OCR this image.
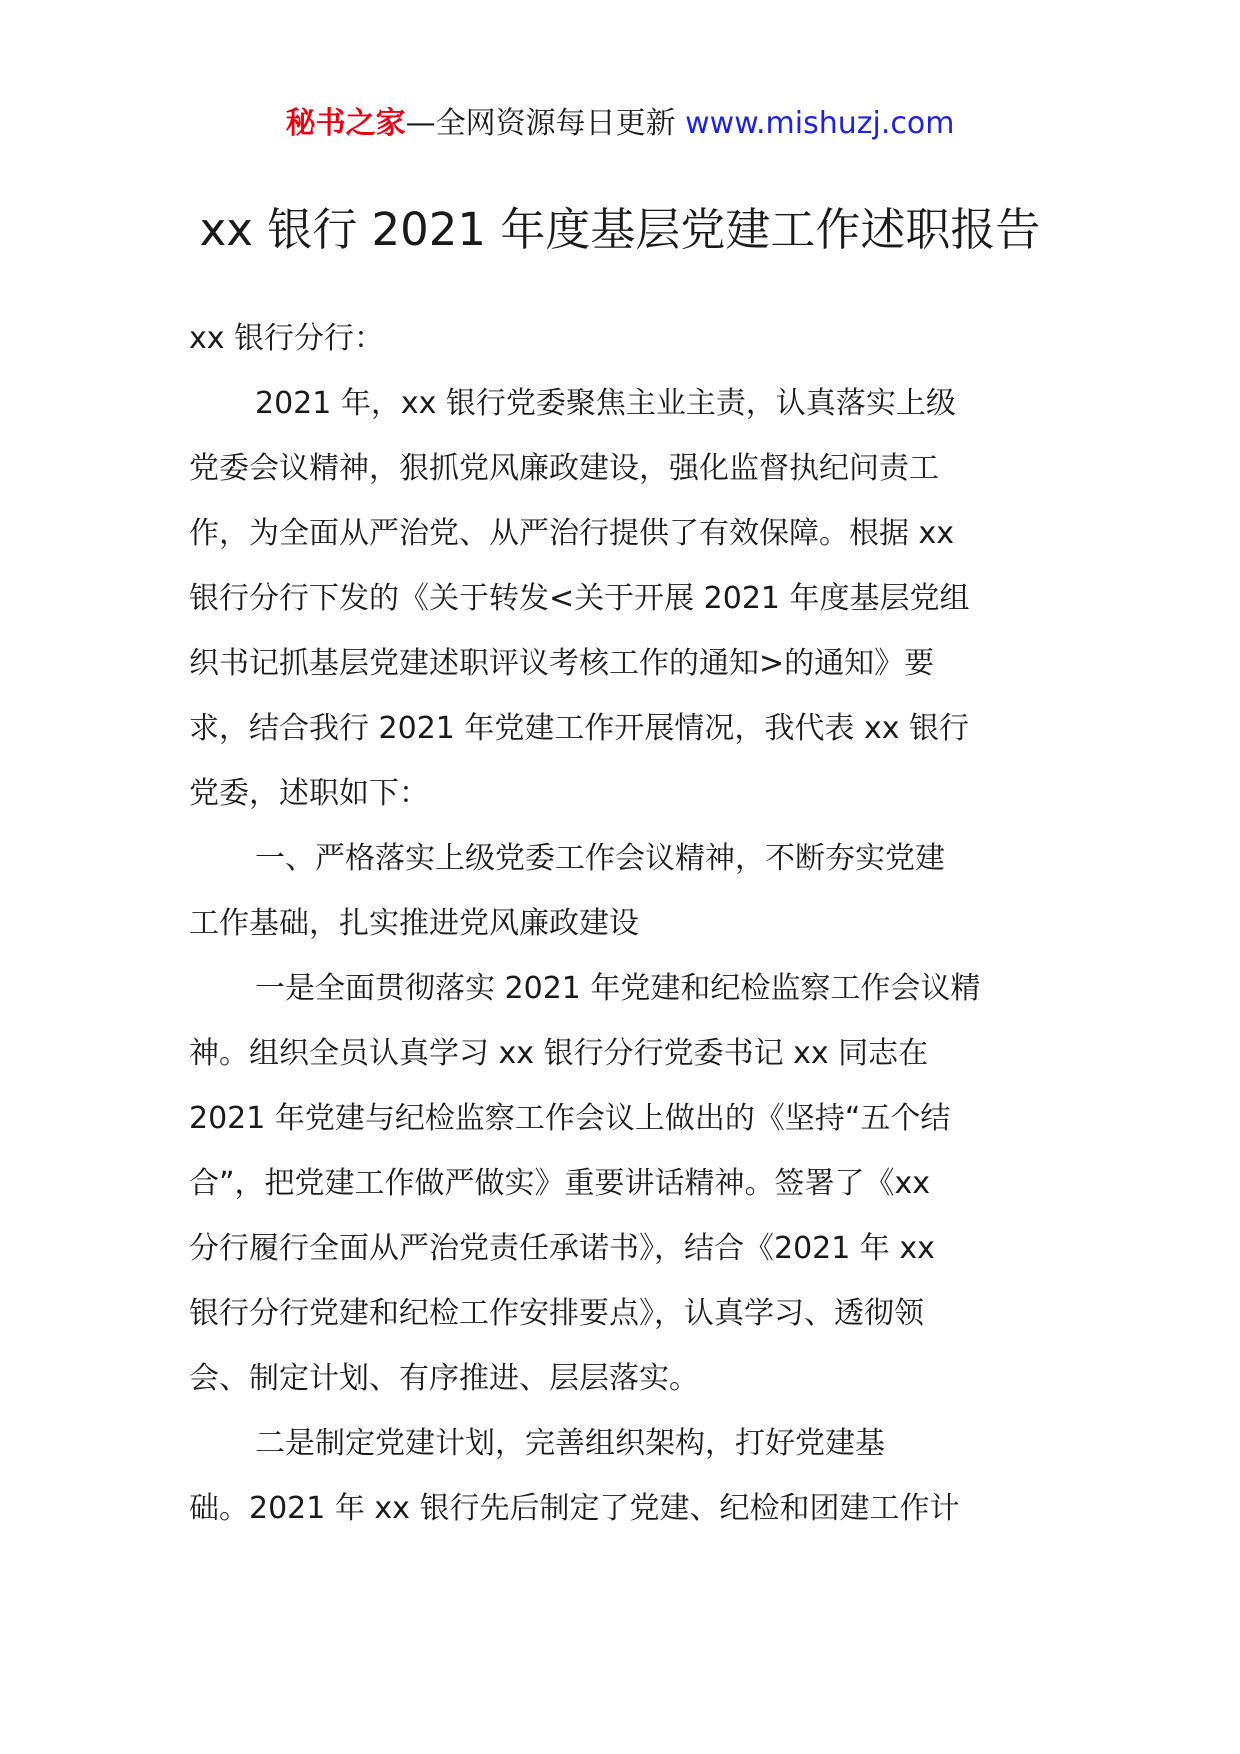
秘书之家—全网资源每日更新 www.mishuzj.com
xx 银行 2021 年度基层党建工作述职报告
xx 银行分行：
2021 年，xx 银行党委聚焦主业主责，认真落实上级
党委会议精神，狠抓党风廉政建设，强化监督执纪问责工
作，为全面从严治党、从严治行提供了有效保障。根据 xx
银行分行下发的《关于转发<关于开展 2021 年度基层党组
织书记抓基层党建述职评议考核工作的通知>的通知》要
求，结合我行 2021 年党建工作开展情况，我代表 xx 银行
党委，述职如下：
一、严格落实上级党委工作会议精神，不断夯实党建
工作基础，扎实推进党风廉政建设
一是全面贯彻落实 2021 年党建和纪检监察工作会议精
神。组织全员认真学习 xx 银行分行党委书记 xx 同志在
2021 年党建与纪检监察工作会议上做出的《坚持“五个结
合”，把党建工作做严做实》重要讲话精神。签署了《xx
分行履行全面从严治党责任承诺书》，结合《2021 年 xx
银行分行党建和纪检工作安排要点》，认真学习、透彻领
会、制定计划、有序推进、层层落实。
二是制定党建计划，完善组织架构，打好党建基
础。2021 年 xx 银行先后制定了党建、纪检和团建工作计
